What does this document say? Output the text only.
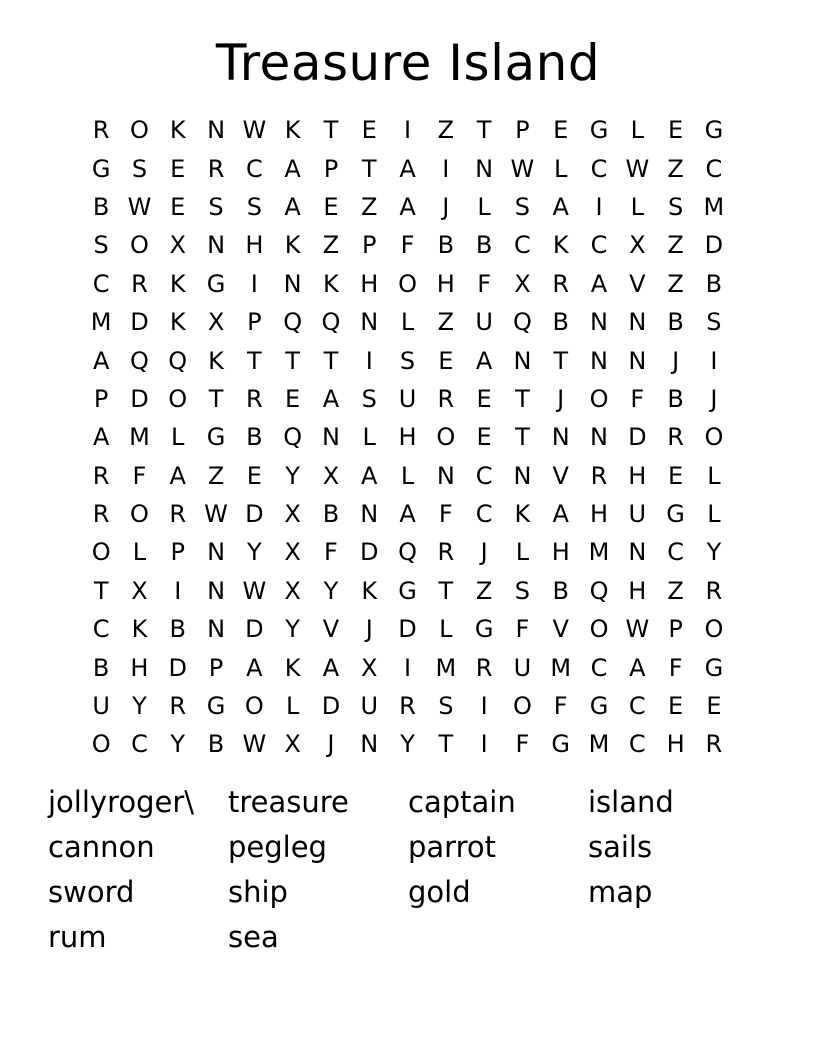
Treasure Island
R O K N W K T E	I	Z T P E G L	E G
G S E R C A P T A	I	N W L C W Z C
B W E S S A E Z A	J	L	S A	I	L	S M
S O X N H K Z P	F B B C K C X Z D
C R K G	I	N K H O H F X R A V Z B
M D K X P Q Q N L Z U Q B N N B S
A Q Q K T T T	I	S E A N T N N	J	I
P D O T R E A S U R E T	J	O F B	J
A M L G B Q N L H O E T N N D R O
R F A Z E Y X A L N C N V R H E	L
R O R W D X B N A F C K A H U G L
O L	P N Y X F D Q R	J	L H M N C Y
T X	I	N W X Y K G T Z S B Q H Z R
C K B N D Y V	J	D L G F V O W P O
B H D P A K A X	I	M R U M C A F G
U Y R G O L D U R S	I	O F G C E E
O C Y B W X	J	N Y T	I	F G M C H R
jollyroger\	treasure	captain	island
cannon	pegleg	parrot	sails
sword	ship	gold	map
rum	sea
